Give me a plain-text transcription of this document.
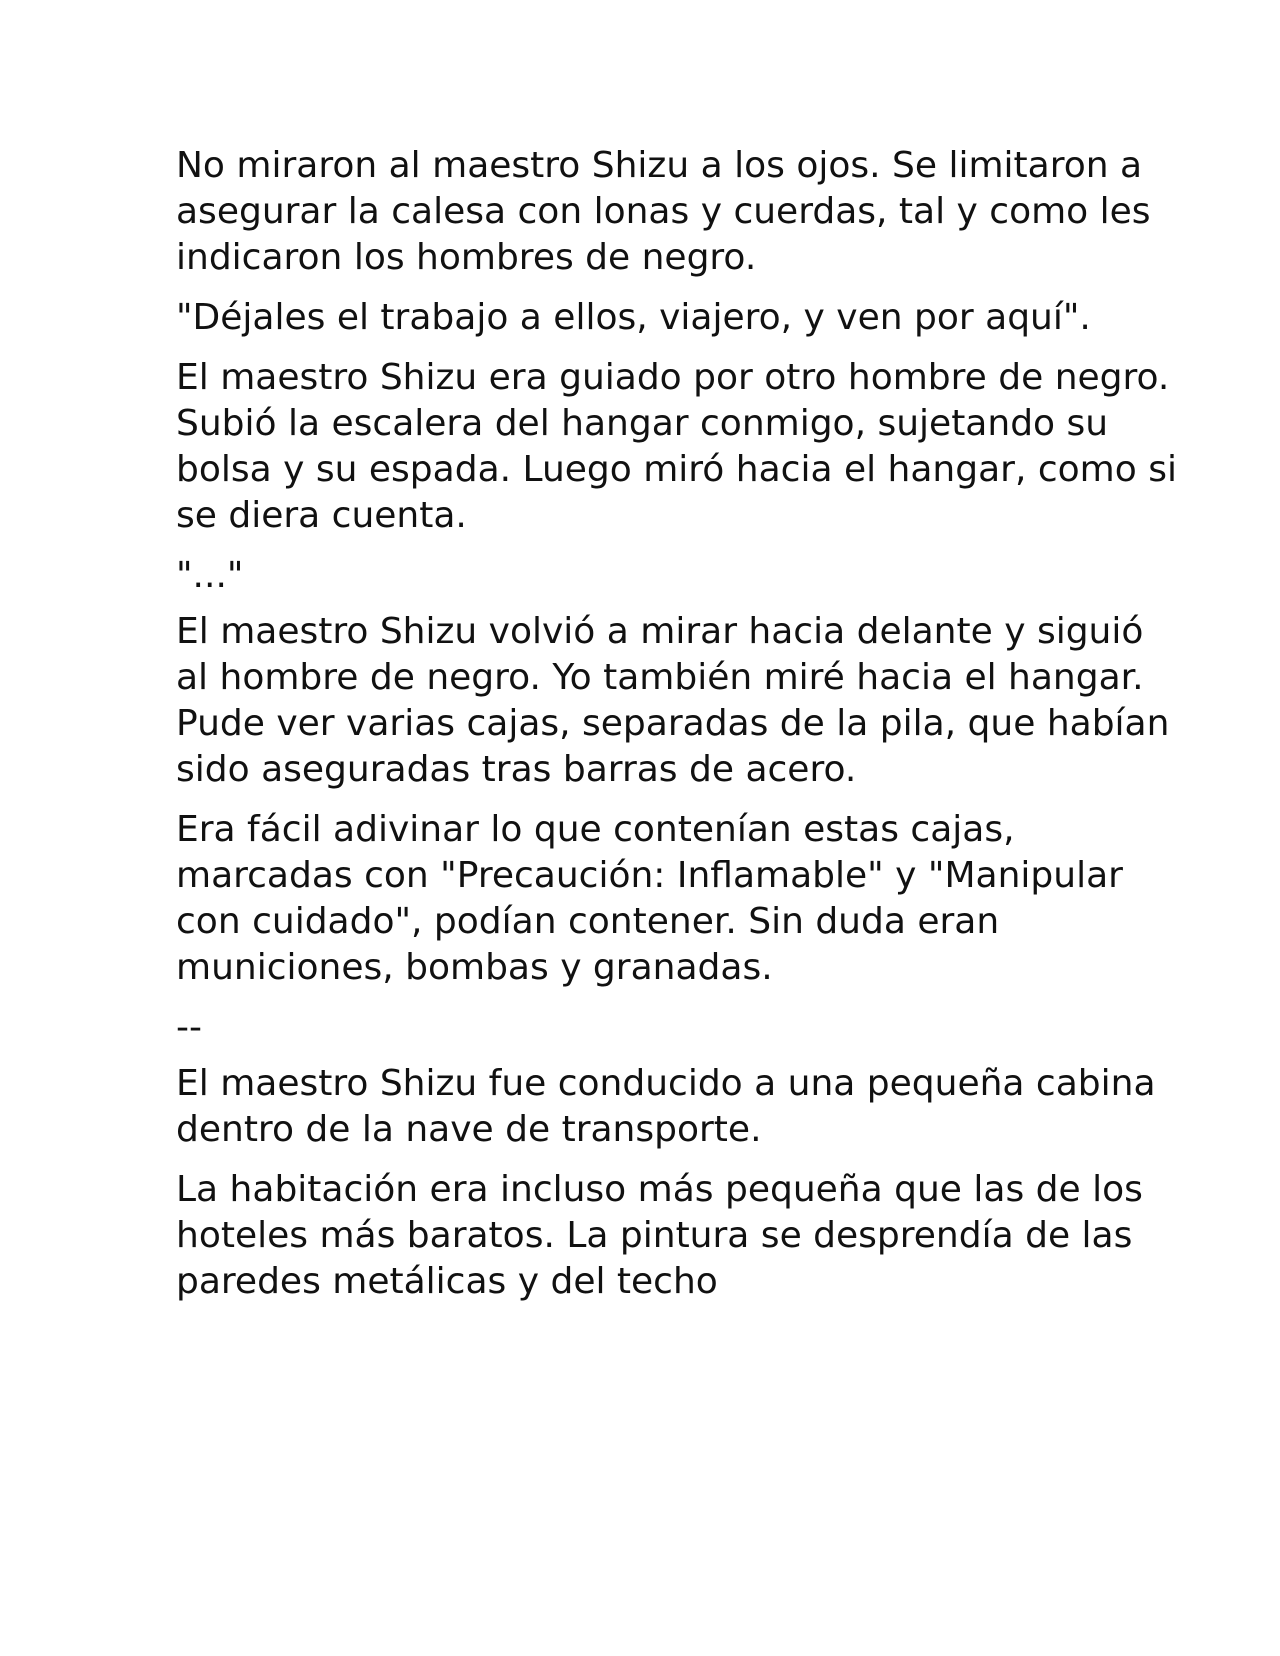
No miraron al maestro Shizu a los ojos. Se limitaron a asegurar la calesa con lonas y cuerdas, tal y como les indicaron los hombres de negro.

"Déjales el trabajo a ellos, viajero, y ven por aquí".

El maestro Shizu era guiado por otro hombre de negro. Subió la escalera del hangar conmigo, sujetando su bolsa y su espada. Luego miró hacia el hangar, como si se diera cuenta.

"..."

El maestro Shizu volvió a mirar hacia delante y siguió al hombre de negro. Yo también miré hacia el hangar. Pude ver varias cajas, separadas de la pila, que habían sido aseguradas tras barras de acero.

Era fácil adivinar lo que contenían estas cajas, marcadas con "Precaución: Inflamable" y "Manipular con cuidado", podían contener. Sin duda eran municiones, bombas y granadas.

--

El maestro Shizu fue conducido a una pequeña cabina dentro de la nave de transporte.

La habitación era incluso más pequeña que las de los hoteles más baratos. La pintura se desprendía de las paredes metálicas y del techo
